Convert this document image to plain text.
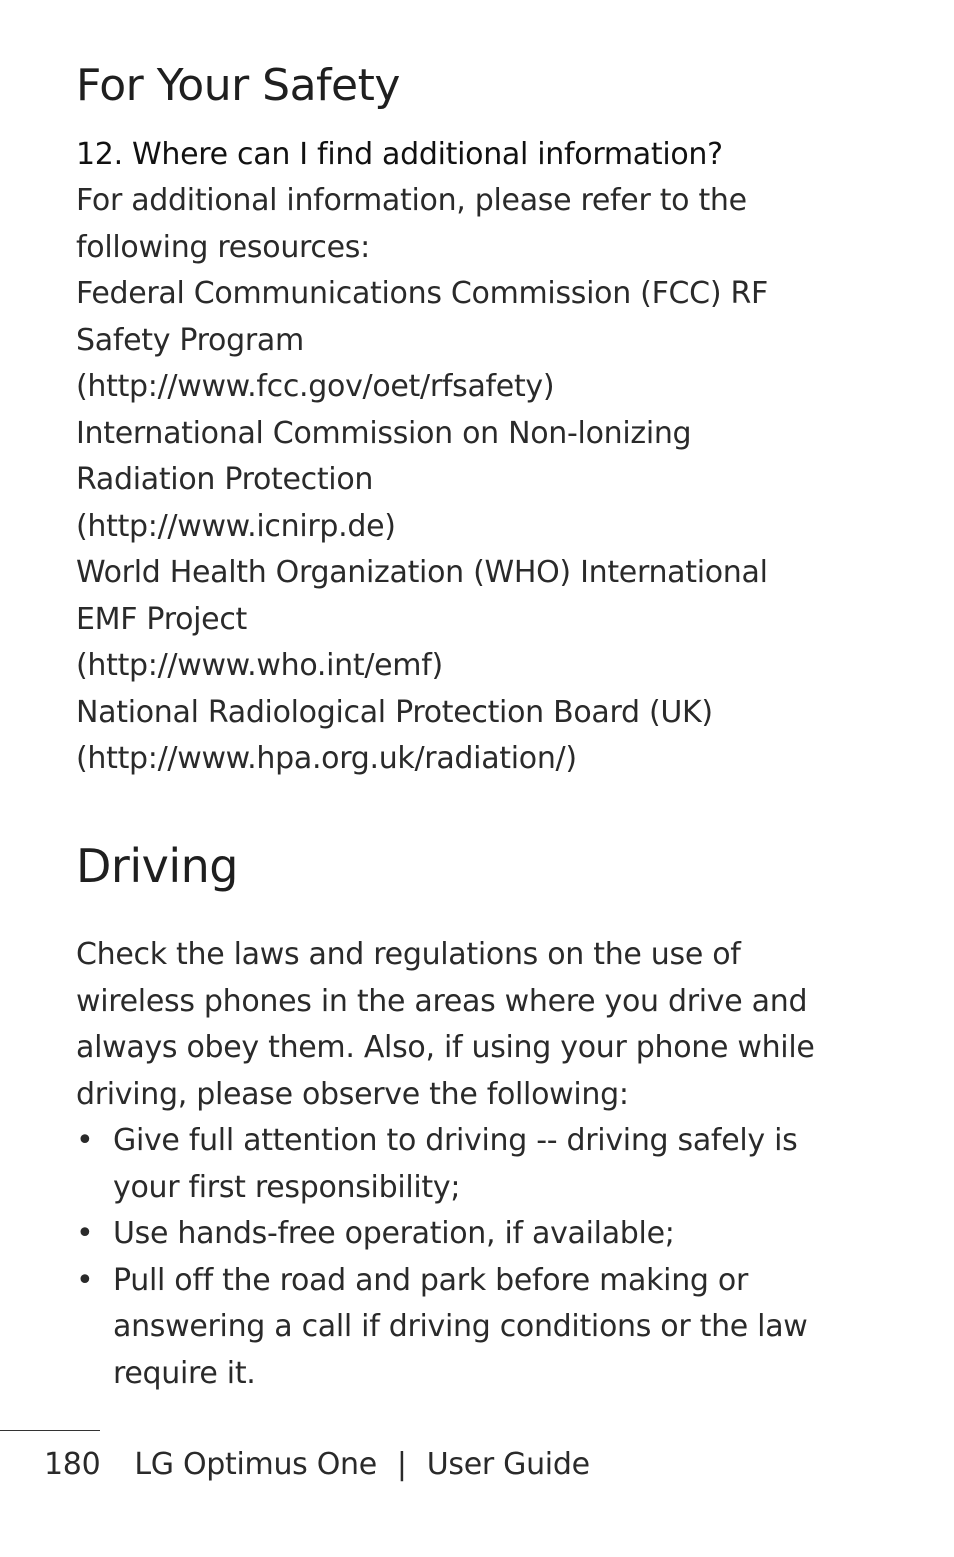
For Your Safety
12. Where can I find additional information?

For additional information, please refer to the

following resources:

Federal Communications Commission (FCC) RF

Safety Program

(http://www.fcc.gov/oet/rfsafety)

International Commission on Non-lonizing

Radiation Protection

(http://www.icnirp.de)

World Health Organization (WHO) International

EMF Project

(http://www.who.int/emf)

National Radiological Protection Board (UK)

(http://www.hpa.org.uk/radiation/)

Driving

Check the laws and regulations on the use of

wireless phones in the areas where you drive and

always obey them. Also, if using your phone while

driving, please observe the following:

• Give full attention to driving -- driving safely is
your first responsibility;
• Use hands-free operation, if available;
• Pull off the road and park before making or
answering a call if driving conditions or the law
require it.
180 LG Optimus One | User Guide
